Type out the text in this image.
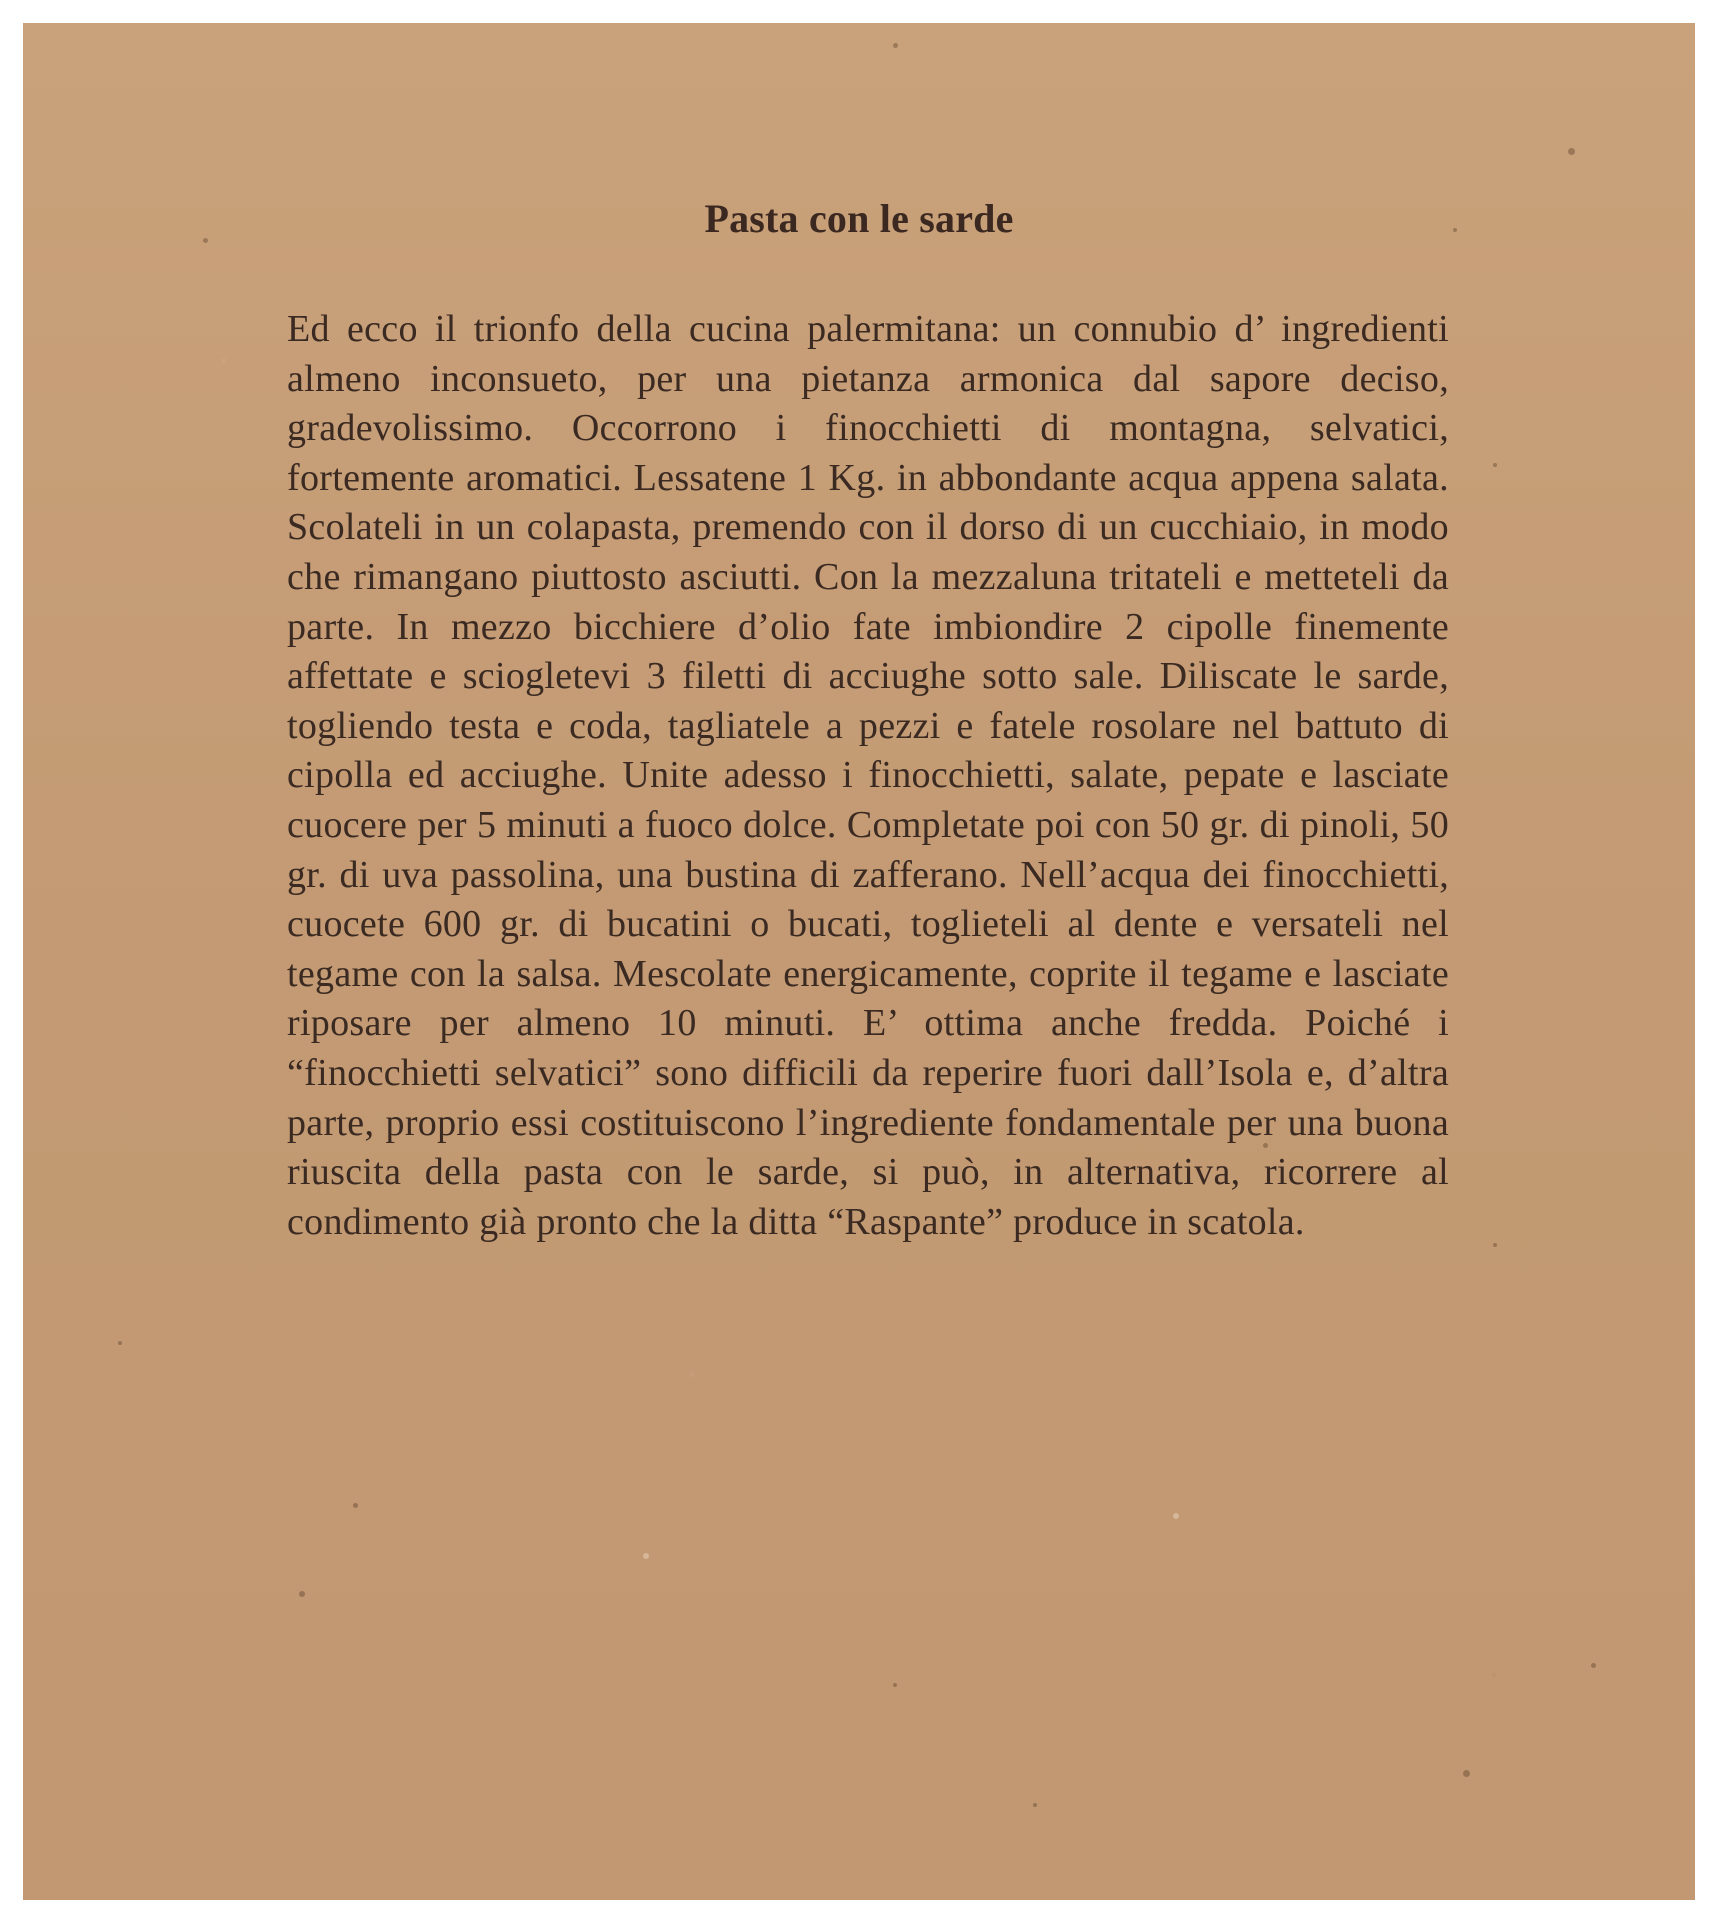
Pasta con le sarde

Ed ecco il trionfo della cucina palermitana: un connubio d’ ingredienti almeno inconsueto, per una pietanza armonica dal sapore deciso, gradevolissimo. Occorrono i finocchietti di montagna, selvatici, fortemente aromatici. Lessatene 1 Kg. in abbondante acqua appena salata. Scolateli in un colapasta, premendo con il dorso di un cucchiaio, in modo che rimangano piuttosto asciutti. Con la mezzaluna tritateli e metteteli da parte. In mezzo bicchiere d’olio fate imbiondire 2 cipolle finemente affettate e sciogletevi 3 filetti di acciughe sotto sale. Diliscate le sarde, togliendo testa e coda, tagliatele a pezzi e fatele rosolare nel battuto di cipolla ed acciughe. Unite adesso i finocchietti, salate, pepate e lasciate cuocere per 5 minuti a fuoco dolce. Completate poi con 50 gr. di pinoli, 50 gr. di uva passolina, una bustina di zafferano. Nell’acqua dei finocchietti, cuocete 600 gr. di bucatini o bucati, toglieteli al dente e versateli nel tegame con la salsa. Mescolate energicamente, coprite il tegame e lasciate riposare per almeno 10 minuti. E’ ottima anche fredda. Poiché i “finocchietti selvatici” sono difficili da reperire fuori dall’Isola e, d’altra parte, proprio essi costituiscono l’ingrediente fondamentale per una buona riuscita della pasta con le sarde, si può, in alternativa, ricorrere al condimento già pronto che la ditta “Raspante” produce in scatola.
